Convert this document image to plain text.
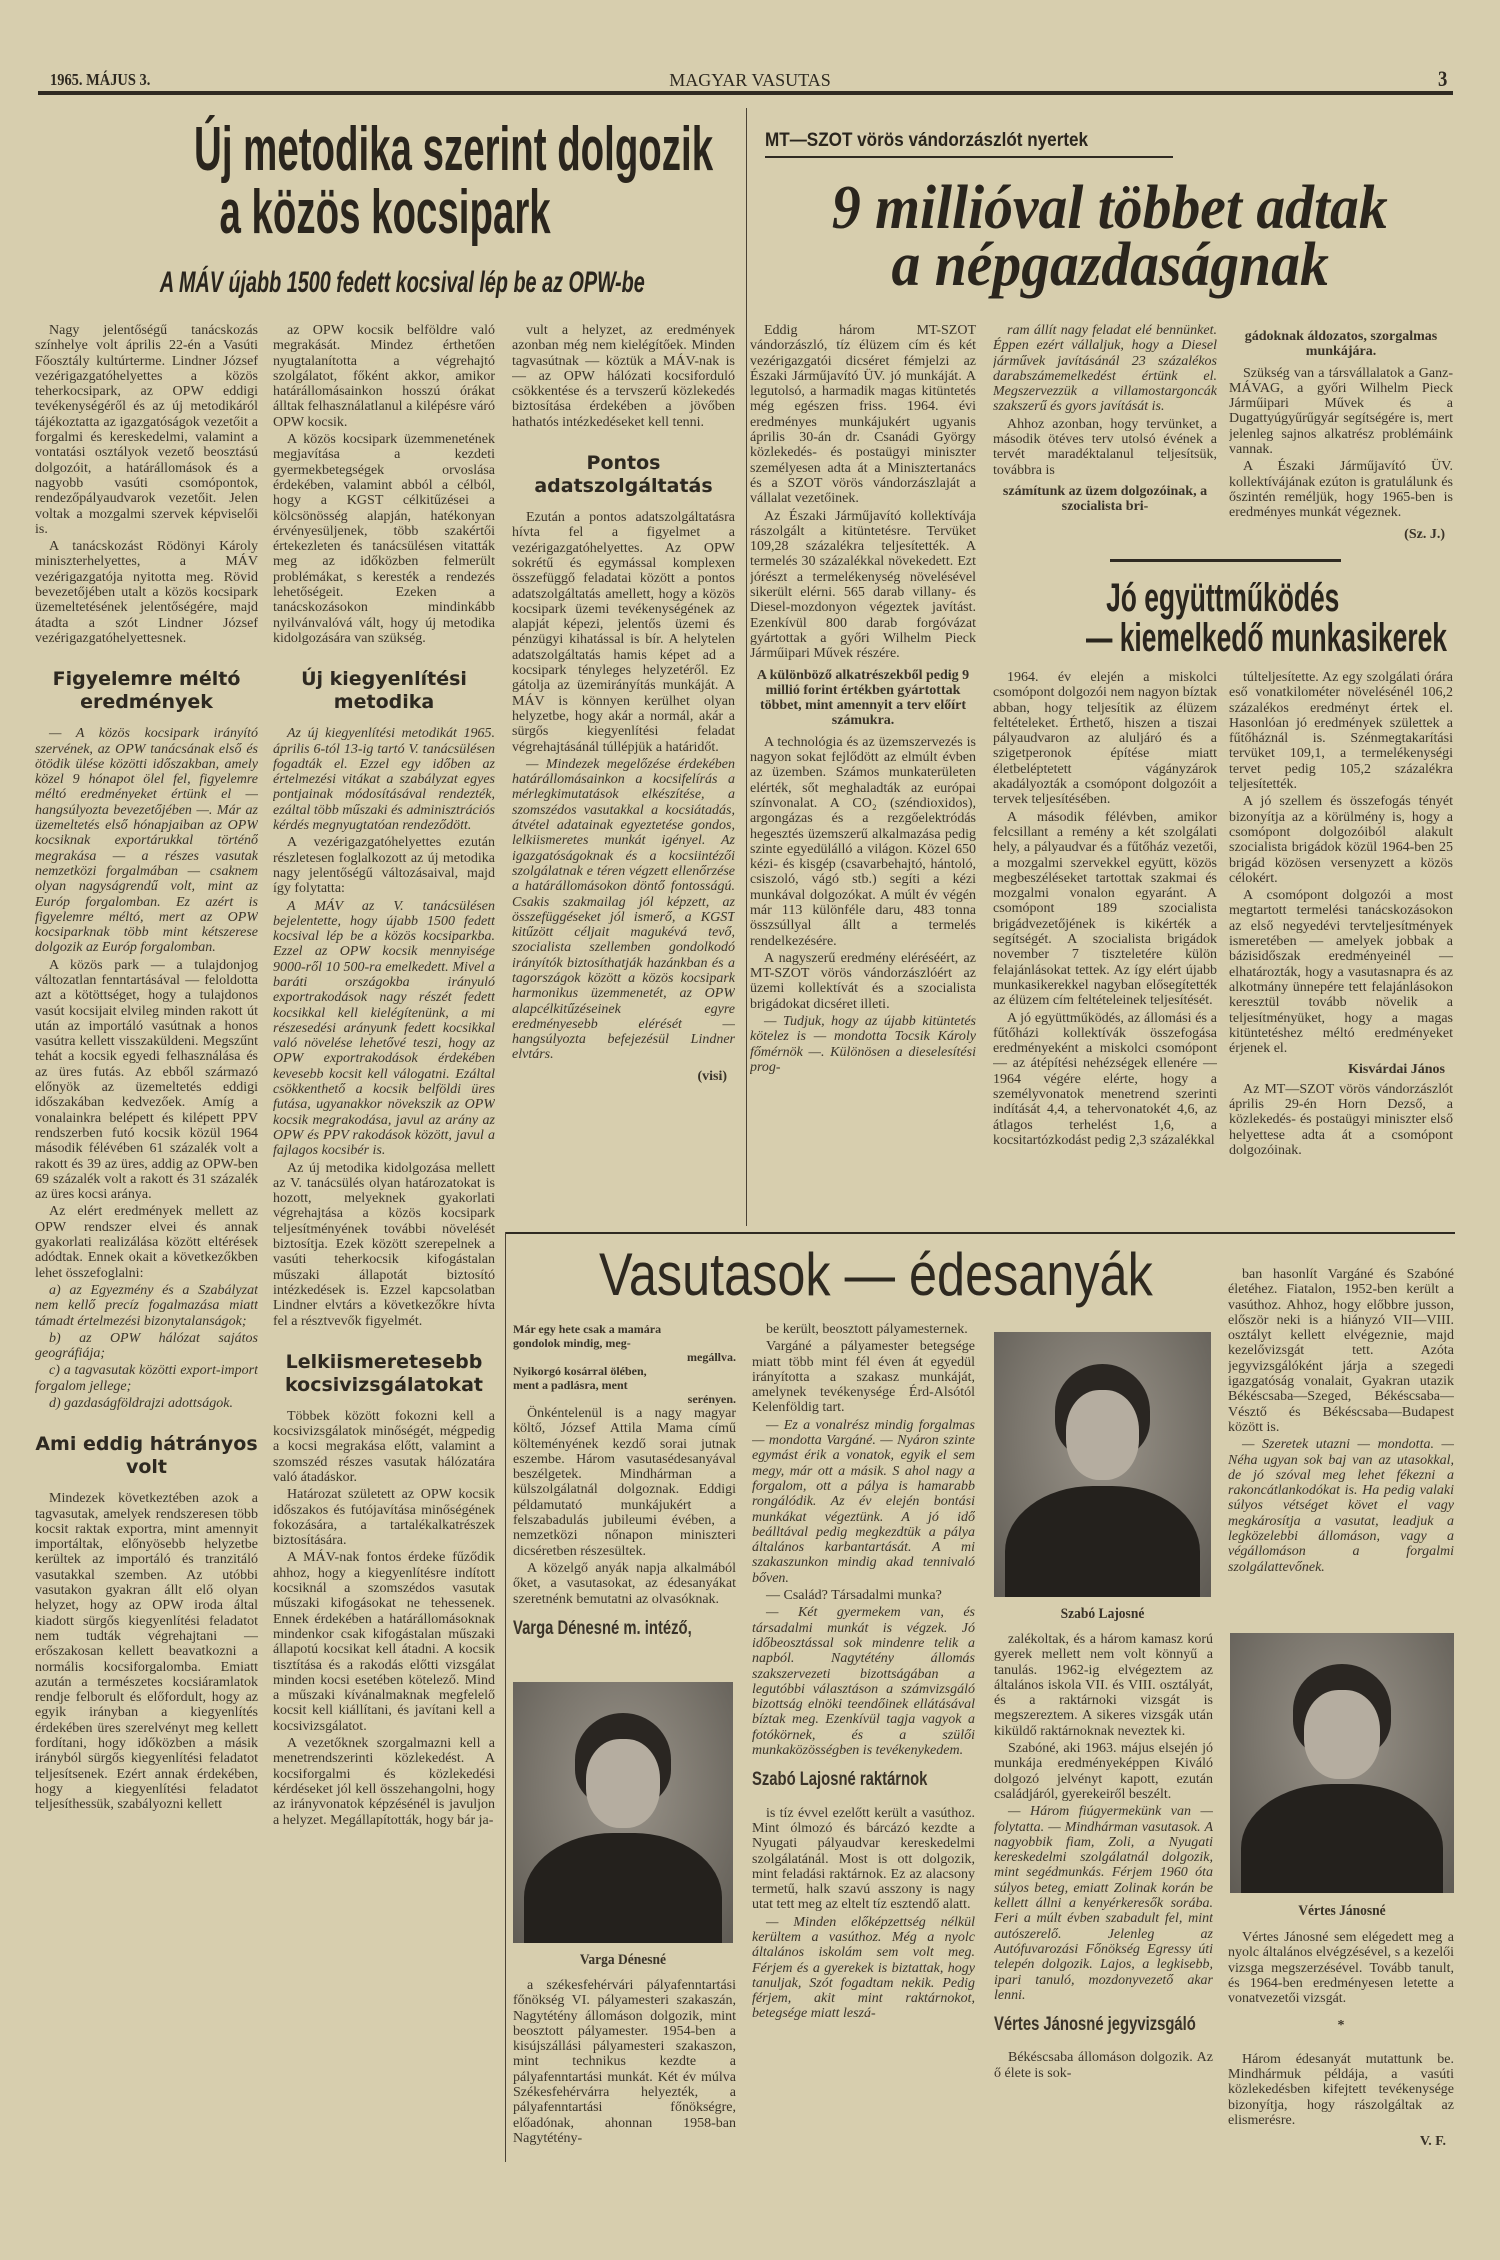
1965. MÁJUS 3.	MAGYAR VASUTAS	3
Új metodika szerint dolgozik
a közös kocsipark
A MÁV újabb 1500 fedett kocsival lép be az OPW-be

Nagy jelentőségű tanácskozás színhelye volt április 22-én a Vasúti Főosztály kultúrterme. Lindner József vezérigazgatóhelyettes a közös teherkocsipark, az OPW eddigi tevékenységéről és az új metodikáról tájékoztatta az igazgatóságok vezetőit a forgalmi és kereskedelmi, valamint a vontatási osztályok vezető beosztású dolgozóit, a határállomások és a nagyobb vasúti csomópontok, rendezőpályaudvarok vezetőit. Jelen voltak a mozgalmi szervek képviselői is.

A tanácskozást Rödönyi Károly miniszterhelyettes, a MÁV vezérigazgatója nyitotta meg. Rövid bevezetőjében utalt a közös kocsipark üzemeltetésének jelentőségére, majd átadta a szót Lindner József vezérigazgatóhelyettesnek.

Figyelemre méltó eredmények

— A közös kocsipark irányító szervének, az OPW tanácsának első és ötödik ülése közötti időszakban, amely közel 9 hónapot ölel fel, figyelemre méltó eredményeket értünk el — hangsúlyozta bevezetőjében —. Már az üzemeltetés első hónapjaiban az OPW kocsiknak exportárukkal történő megrakása — a részes vasutak nemzetközi forgalmában — csaknem olyan nagyságrendű volt, mint az Európ forgalomban. Ez azért is figyelemre méltó, mert az OPW kocsiparknak több mint kétszerese dolgozik az Európ forgalomban.

A közös park — a tulajdonjog változatlan fenntartásával — feloldotta azt a kötöttséget, hogy a tulajdonos vasút kocsijait elvileg minden rakott út után az importáló vasútnak a honos vasútra kellett visszaküldeni. Megszűnt tehát a kocsik egyedi felhasználása és az üres futás. Az ebből származó előnyök az üzemeltetés eddigi időszakában kedvezőek. Amíg a vonalainkra belépett és kilépett PPV rendszerben futó kocsik közül 1964 második félévében 61 százalék volt a rakott és 39 az üres, addig az OPW-ben 69 százalék volt a rakott és 31 százalék az üres kocsi aránya.

Az elért eredmények mellett az OPW rendszer elvei és annak gyakorlati realizálása között eltérések adódtak. Ennek okait a következőkben lehet összefoglalni:

a) az Egyezmény és a Szabályzat nem kellő precíz fogalmazása miatt támadt értelmezési bizonytalanságok;

b) az OPW hálózat sajátos geográfiája;

c) a tagvasutak közötti export-import forgalom jellege;

d) gazdaságföldrajzi adottságok.

Ami eddig hátrányos volt

Mindezek következtében azok a tagvasutak, amelyek rendszeresen több kocsit raktak exportra, mint amennyit importáltak, előnyösebb helyzetbe kerültek az importáló és tranzitáló vasutakkal szemben. Az utóbbi vasutakon gyakran állt elő olyan helyzet, hogy az OPW iroda által kiadott sürgős kiegyenlítési feladatot nem tudták végrehajtani — erőszakosan kellett beavatkozni a normális kocsiforgalomba. Emiatt azután a természetes kocsiáramlatok rendje felborult és előfordult, hogy az egyik irányban a kiegyenlítés érdekében üres szerelvényt meg kellett fordítani, hogy időközben a másik irányból sürgős kiegyenlítési feladatot teljesítsenek. Ezért annak érdekében, hogy a kiegyenlítési feladatot teljesíthessük, szabályozni kellett

az OPW kocsik belföldre való megrakását. Mindez érthetően nyugtalanította a végrehajtó szolgálatot, főként akkor, amikor határállomásainkon hosszú órákat álltak felhasználatlanul a kilépésre váró OPW kocsik.

A közös kocsipark üzemmenetének megjavítása a kezdeti gyermekbetegségek orvoslása érdekében, valamint abból a célból, hogy a KGST célkitűzései a kölcsönösség alapján, hatékonyan érvényesüljenek, több szakértői értekezleten és tanácsülésen vitatták meg az időközben felmerült problémákat, s keresték a rendezés lehetőségeit. Ezeken a tanácskozásokon mindinkább nyilvánvalóvá vált, hogy új metodika kidolgozására van szükség.

Új kiegyenlítési metodika

Az új kiegyenlítési metodikát 1965. április 6-tól 13-ig tartó V. tanácsülésen fogadták el. Ezzel egy időben az értelmezési vitákat a szabályzat egyes pontjainak módosításával rendezték, ezáltal több műszaki és adminisztrációs kérdés megnyugtatóan rendeződött.

A vezérigazgatóhelyettes ezután részletesen foglalkozott az új metodika nagy jelentőségű változásaival, majd így folytatta:

A MÁV az V. tanácsülésen bejelentette, hogy újabb 1500 fedett kocsival lép be a közös kocsiparkba. Ezzel az OPW kocsik mennyisége 9000-ről 10 500-ra emelkedett. Mivel a baráti országokba irányuló exportrakodások nagy részét fedett kocsikkal kell kielégítenünk, a mi részesedési arányunk fedett kocsikkal való növelése lehetővé teszi, hogy az OPW exportrakodások érdekében kevesebb kocsit kell válogatni. Ezáltal csökkenthető a kocsik belföldi üres futása, ugyanakkor növekszik az OPW kocsik megrakodása, javul az arány az OPW és PPV rakodások között, javul a fajlagos kocsibér is.

Az új metodika kidolgozása mellett az V. tanácsülés olyan határozatokat is hozott, melyeknek gyakorlati végrehajtása a közös kocsipark teljesítményének további növelését biztosítja. Ezek között szerepelnek a vasúti teherkocsik kifogástalan műszaki állapotát biztosító intézkedések is. Ezzel kapcsolatban Lindner elvtárs a következőkre hívta fel a résztvevők figyelmét.

Lelkiismeretesebb kocsivizsgálatokat

Többek között fokozni kell a kocsivizsgálatok minőségét, mégpedig a kocsi megrakása előtt, valamint a szomszéd részes vasutak hálózatára való átadáskor.

Határozat született az OPW kocsik időszakos és futójavítása minőségének fokozására, a tartalékalkatrészek biztosítására.

A MÁV-nak fontos érdeke fűződik ahhoz, hogy a kiegyenlítésre indított kocsiknál a szomszédos vasutak műszaki kifogásokat ne tehessenek. Ennek érdekében a határállomásoknak mindenkor csak kifogástalan műszaki állapotú kocsikat kell átadni. A kocsik tisztítása és a rakodás előtti vizsgálat minden kocsi esetében kötelező. Mind a műszaki kívánalmaknak megfelelő kocsit kell kiállítani, és javítani kell a kocsivizsgálatot.

A vezetőknek szorgalmazni kell a menetrendszerinti közlekedést. A kocsiforgalmi és közlekedési kérdéseket jól kell összehangolni, hogy az irányvonatok képzésénél is javuljon a helyzet. Megállapították, hogy bár ja-

vult a helyzet, az eredmények azonban még nem kielégítőek. Minden tagvasútnak — köztük a MÁV-nak is — az OPW hálózati kocsiforduló csökkentése és a tervszerű közlekedés biztosítása érdekében a jövőben hathatós intézkedéseket kell tenni.

Pontos adatszolgáltatás

Ezután a pontos adatszolgáltatásra hívta fel a figyelmet a vezérigazgatóhelyettes. Az OPW sokrétű és egymással komplexen összefüggő feladatai között a pontos adatszolgáltatás amellett, hogy a közös kocsipark üzemi tevékenységének az alapját képezi, jelentős üzemi és pénzügyi kihatással is bír. A helytelen adatszolgáltatás hamis képet ad a kocsipark tényleges helyzetéről. Ez gátolja az üzemirányítás munkáját. A MÁV is könnyen kerülhet olyan helyzetbe, hogy akár a normál, akár a sürgős kiegyenlítési feladat végrehajtásánál túllépjük a határidőt.

— Mindezek megelőzése érdekében határállomásainkon a kocsifelírás a mérlegkimutatások elkészítése, a szomszédos vasutakkal a kocsiátadás, átvétel adatainak egyeztetése gondos, lelkiismeretes munkát igényel. Az igazgatóságoknak és a kocsiintézői szolgálatnak e téren végzett ellenőrzése a határállomásokon döntő fontosságú. Csakis szakmailag jól képzett, az összefüggéseket jól ismerő, a KGST kitűzött céljait magukévá tevő, szocialista szellemben gondolkodó irányítók biztosíthatják hazánkban és a tagországok között a közös kocsipark harmonikus üzemmenetét, az OPW alapcélkitűzéseinek egyre eredményesebb elérését — hangsúlyozta befejezésül Lindner elvtárs.

(visi)
MT—SZOT vörös vándorzászlót nyertek
9 millióval többet adtak
a népgazdaságnak

Eddig három MT-SZOT vándorzászló, tíz élüzem cím és két vezérigazgatói dicséret fémjelzi az Északi Járműjavító ÜV. jó munkáját. A legutolsó, a harmadik magas kitüntetés még egészen friss. 1964. évi eredményes munkájukért ugyanis április 30-án dr. Csanádi György közlekedés- és postaügyi miniszter személyesen adta át a Minisztertanács és a SZOT vörös vándorzászlaját a vállalat vezetőinek.

Az Északi Járműjavító kollektívája rászolgált a kitüntetésre. Tervüket 109,28 százalékra teljesítették. A termelés 30 százalékkal növekedett. Ezt jórészt a termelékenység növelésével sikerült elérni. 565 darab villany- és Diesel-mozdonyon végeztek javítást. Ezenkívül 800 darab forgóvázat gyártottak a győri Wilhelm Pieck Járműipari Művek részére.

A különböző alkatrészekből pedig 9 millió forint értékben gyártottak többet, mint amennyit a terv előírt számukra.

A technológia és az üzemszervezés is nagyon sokat fejlődött az elmúlt évben az üzemben. Számos munkaterületen elérték, sőt meghaladták az európai színvonalat. A CO₂ (széndioxidos), argongázas és a rezgőelektródás hegesztés üzemszerű alkalmazása pedig szinte egyedülálló a világon. Közel 650 kézi- és kisgép (csavarbehajtó, hántoló, csiszoló, vágó stb.) segíti a kézi munkával dolgozókat. A múlt év végén már 113 különféle daru, 483 tonna összsúllyal állt a termelés rendelkezésére.

A nagyszerű eredmény eléréséért, az MT-SZOT vörös vándorzászlóért az üzemi kollektívát és a szocialista brigádokat dicséret illeti.

— Tudjuk, hogy az újabb kitüntetés kötelez is — mondotta Tocsik Károly főmérnök —. Különösen a dieselesítési prog-

ram állít nagy feladat elé bennünket. Éppen ezért vállaljuk, hogy a Diesel járművek javításánál 23 százalékos darabszámemelkedést értünk el. Megszervezzük a villamostargoncák szakszerű és gyors javítását is.

Ahhoz azonban, hogy tervünket, a második ötéves terv utolsó évének a tervét maradéktalanul teljesítsük, továbbra is

számítunk az üzem dolgozóinak, a szocialista bri-

gádoknak áldozatos, szorgalmas munkájára.

Szükség van a társvállalatok a Ganz-MÁVAG, a győri Wilhelm Pieck Járműipari Művek és a Dugattyúgyűrűgyár segítségére is, mert jelenleg sajnos alkatrész problémáink vannak.

A Északi Járműjavító ÜV. kollektívájának ezúton is gratulálunk és őszintén reméljük, hogy 1965-ben is eredményes munkát végeznek.

(Sz. J.)
Jó együttműködés
— kiemelkedő munkasikerek

1964. év elején a miskolci csomópont dolgozói nem nagyon bíztak abban, hogy teljesítik az élüzem feltételeket. Érthető, hiszen a tiszai pályaudvaron az aluljáró és a szigetperonok építése miatt életbeléptetett vágányzárok akadályozták a csomópont dolgozóit a tervek teljesítésében.

A második félévben, amikor felcsillant a remény a két szolgálati hely, a pályaudvar és a fűtőház vezetői, a mozgalmi szervekkel együtt, közös megbeszéléseket tartottak szakmai és mozgalmi vonalon egyaránt. A csomópont 189 szocialista brigádvezetőjének is kikérték a segítségét. A szocialista brigádok november 7 tiszteletére külön felajánlásokat tettek. Az így elért újabb munkasikerekkel nagyban elősegítették az élüzem cím feltételeinek teljesítését.

A jó együttműködés, az állomási és a fűtőházi kollektívák összefogása eredményeként a miskolci csomópont — az átépítési nehézségek ellenére — 1964 végére elérte, hogy a személyvonatok menetrend szerinti indítását 4,4, a tehervonatokét 4,6, az átlagos terhelést 1,6, a kocsitartózkodást pedig 2,3 százalékkal

túlteljesítette. Az egy szolgálati órára eső vonatkilométer növelésénél 106,2 százalékos eredményt értek el. Hasonlóan jó eredmények születtek a fűtőháznál is. Szénmegtakarítási tervüket 109,1, a termelékenységi tervet pedig 105,2 százalékra teljesítették.

A jó szellem és összefogás tényét bizonyítja az a körülmény is, hogy a csomópont dolgozóiból alakult szocialista brigádok közül 1964-ben 25 brigád közösen versenyzett a közös célokért.

A csomópont dolgozói a most megtartott termelési tanácskozásokon az első negyedévi tervteljesítmények ismeretében — amelyek jobbak a bázisidőszak eredményeinél — elhatározták, hogy a vasutasnapra és az alkotmány ünnepére tett felajánlásokon keresztül tovább növelik a teljesítményüket, hogy a magas kitüntetéshez méltó eredményeket érjenek el.

Kisvárdai János

Az MT—SZOT vörös vándorzászlót április 29-én Horn Dezső, a közlekedés- és postaügyi miniszter első helyettese adta át a csomópont dolgozóinak.

Vasutasok — édesanyák
Már egy hete csak a mamára
gondolok mindig, meg-
megállva.
Nyikorgó kosárral ölében,
ment a padlásra, ment
serényen.

Önkéntelenül is a nagy magyar költő, József Attila Mama című költeményének kezdő sorai jutnak eszembe. Három vasutasédesanyával beszélgetek. Mindhárman a külszolgálatnál dolgoznak. Eddigi példamutató munkájukért a felszabadulás jubileumi évében, a nemzetközi nőnapon miniszteri dicséretben részesültek.

A közelgő anyák napja alkalmából őket, a vasutasokat, az édesanyákat szeretnénk bemutatni az olvasóknak.

Varga Dénesné m. intéző,
Varga Dénesné

a székesfehérvári pályafenntartási főnökség VI. pályamesteri szakaszán, Nagytétény állomáson dolgozik, mint beosztott pályamester. 1954-ben a kisújszállási pályamesteri szakaszon, mint technikus kezdte a pályafenntartási munkát. Két év múlva Székesfehérvárra helyezték, a pályafenntartási főnökségre, előadónak, ahonnan 1958-ban Nagytétény-

be került, beosztott pályamesternek.

Vargáné a pályamester betegsége miatt több mint fél éven át egyedül irányította a szakasz munkáját, amelynek tevékenysége Érd-Alsótól Kelenföldig tart.

— Ez a vonalrész mindig forgalmas — mondotta Vargáné. — Nyáron szinte egymást érik a vonatok, egyik el sem megy, már ott a másik. S ahol nagy a forgalom, ott a pálya is hamarabb rongálódik. Az év elején bontási munkákat végeztünk. A jó idő beálltával pedig megkezdtük a pálya általános karbantartását. A mi szakaszunkon mindig akad tennivaló bőven.

— Család? Társadalmi munka?

— Két gyermekem van, és társadalmi munkát is végzek. Jó időbeosztással sok mindenre telik a napból. Nagytétény állomás szakszervezeti bizottságában a legutóbbi választáson a számvizsgáló bizottság elnöki teendőinek ellátásával bíztak meg. Ezenkívül tagja vagyok a fotókörnek, és a szülői munkaközösségben is tevékenykedem.

Szabó Lajosné raktárnok

is tíz évvel ezelőtt került a vasúthoz. Mint ólmozó és bárcázó kezdte a Nyugati pályaudvar kereskedelmi szolgálatánál. Most is ott dolgozik, mint feladási raktárnok. Ez az alacsony termetű, halk szavú asszony is nagy utat tett meg az eltelt tíz esztendő alatt.

— Minden előképzettség nélkül kerültem a vasúthoz. Még a nyolc általános iskolám sem volt meg. Férjem és a gyerekek is biztattak, hogy tanuljak, Szót fogadtam nekik. Pedig férjem, akit mint raktárnokot, betegsége miatt leszá-

Szabó Lajosné

zalékoltak, és a három kamasz korú gyerek mellett nem volt könnyű a tanulás. 1962-ig elvégeztem az általános iskola VII. és VIII. osztályát, és a raktárnoki vizsgát is megszereztem. A sikeres vizsgák után kiküldő raktárnoknak neveztek ki.

Szabóné, aki 1963. május elsején jó munkája eredményeképpen Kiváló dolgozó jelvényt kapott, ezután családjáról, gyerekeiről beszélt.

— Három fiúgyermekünk van — folytatta. — Mindhárman vasutasok. A nagyobbik fiam, Zoli, a Nyugati kereskedelmi szolgálatnál dolgozik, mint segédmunkás. Férjem 1960 óta súlyos beteg, emiatt Zolinak korán be kellett állni a kenyérkeresők sorába. Feri a múlt évben szabadult fel, mint autószerelő. Jelenleg az Autófuvarozási Főnökség Egressy úti telepén dolgozik. Lajos, a legkisebb, ipari tanuló, mozdonyvezető akar lenni.

Vértes Jánosné jegyvizsgáló

Békéscsaba állomáson dolgozik. Az ő élete is sok-

ban hasonlít Vargáné és Szabóné életéhez. Fiatalon, 1952-ben került a vasúthoz. Ahhoz, hogy előbbre jusson, először neki is a hiányzó VII—VIII. osztályt kellett elvégeznie, majd kezelővizsgát tett. Azóta jegyvizsgálóként járja a szegedi igazgatóság vonalait, Gyakran utazik Békéscsaba—Szeged, Békéscsaba—Vésztő és Békéscsaba—Budapest között is.

— Szeretek utazni — mondotta. — Néha ugyan sok baj van az utasokkal, de jó szóval meg lehet fékezni a rakoncátlankodókat is. Ha pedig valaki súlyos vétséget követ el vagy megkárosítja a vasutat, leadjuk a legközelebbi állomáson, vagy a végállomáson a forgalmi szolgálattevőnek.

Vértes Jánosné

Vértes Jánosné sem elégedett meg a nyolc általános elvégzésével, s a kezelői vizsga megszerzésével. Tovább tanult, és 1964-ben eredményesen letette a vonatvezetői vizsgát.

*

Három édesanyát mutattunk be. Mindhármuk példája, a vasúti közlekedésben kifejtett tevékenysége bizonyítja, hogy rászolgáltak az elismerésre.

V. F.
